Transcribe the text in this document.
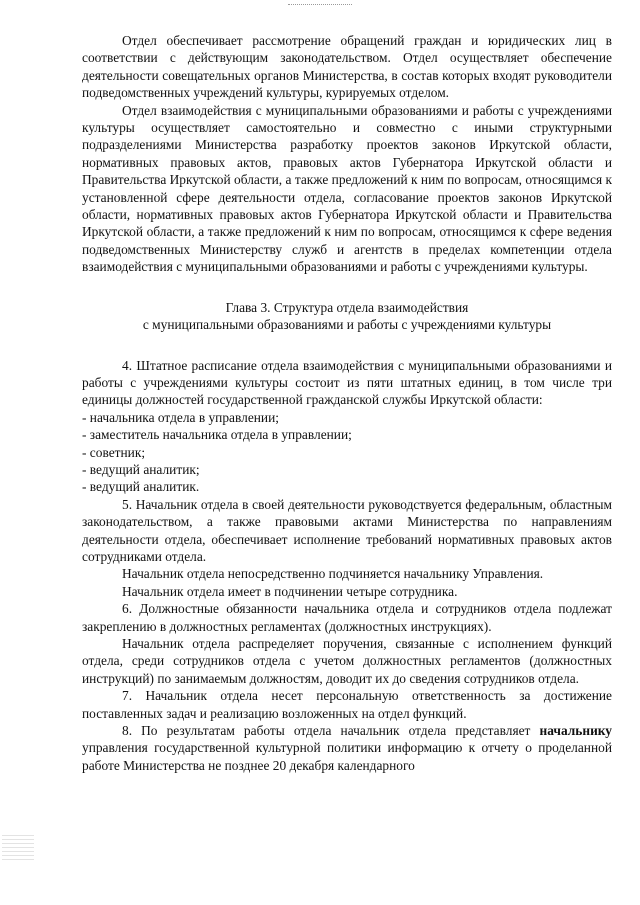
Отдел обеспечивает рассмотрение обращений граждан и юридических лиц в соответствии с действующим законодательством. Отдел осуществляет обеспечение деятельности совещательных органов Министерства, в состав которых входят руководители подведомственных учреждений культуры, курируемых отделом.

Отдел взаимодействия с муниципальными образованиями и работы с учреждениями культуры осуществляет самостоятельно и совместно с иными структурными подразделениями Министерства разработку проектов законов Иркутской области, нормативных правовых актов, правовых актов Губернатора Иркутской области и Правительства Иркутской области, а также предложений к ним по вопросам, относящимся к установленной сфере деятельности отдела, согласование проектов законов Иркутской области, нормативных правовых актов Губернатора Иркутской области и Правительства Иркутской области, а также предложений к ним по вопросам, относящимся к сфере ведения подведомственных Министерству служб и агентств в пределах компетенции отдела взаимодействия с муниципальными образованиями и работы с учреждениями культуры.

Глава 3. Структура отдела взаимодействия
с муниципальными образованиями и работы с учреждениями культуры

4. Штатное расписание отдела взаимодействия с муниципальными образованиями и работы с учреждениями культуры состоит из пяти штатных единиц, в том числе три единицы должностей государственной гражданской службы Иркутской области:

- начальника отдела в управлении;
- заместитель начальника отдела в управлении;
- советник;
- ведущий аналитик;
- ведущий аналитик.

5. Начальник отдела в своей деятельности руководствуется федеральным, областным законодательством, а также правовыми актами Министерства по направлениям деятельности отдела, обеспечивает исполнение требований нормативных правовых актов сотрудниками отдела.

Начальник отдела непосредственно подчиняется начальнику Управления.

Начальник отдела имеет в подчинении четыре сотрудника.

6. Должностные обязанности начальника отдела и сотрудников отдела подлежат закреплению в должностных регламентах (должностных инструкциях).

Начальник отдела распределяет поручения, связанные с исполнением функций отдела, среди сотрудников отдела с учетом должностных регламентов (должностных инструкций) по занимаемым должностям, доводит их до сведения сотрудников отдела.

7. Начальник отдела несет персональную ответственность за достижение поставленных задач и реализацию возложенных на отдел функций.

8. По результатам работы отдела начальник отдела представляет начальнику управления государственной культурной политики информацию к отчету о проделанной работе Министерства не позднее 20 декабря календарного
